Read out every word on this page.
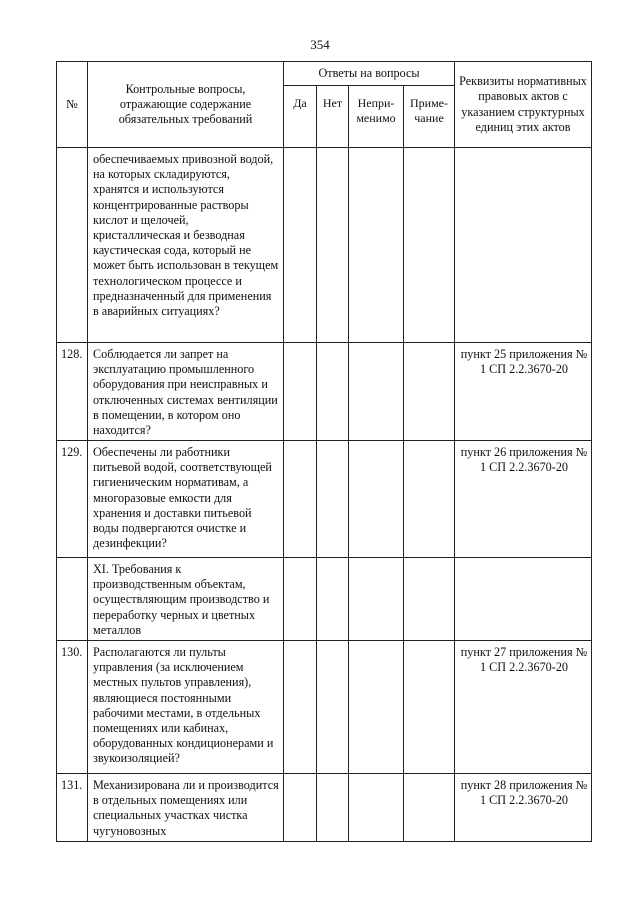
354
№	Контрольные вопросы, отражающие содержание обязательных требований	Ответы на вопросы				Реквизиты нормативных правовых актов с указанием структурных единиц этих актов
		Да	Нет	Непри-менимо	Приме-чание	
	обеспечиваемых привозной водой, на которых складируются, хранятся и используются концентрированные растворы кислот и щелочей, кристаллическая и безводная каустическая сода, который не может быть использован в текущем технологическом процессе и предназначенный для применения в аварийных ситуациях?					
128.	Соблюдается ли запрет на эксплуатацию промышленного оборудования при неисправных и отключенных системах вентиляции в помещении, в котором оно находится?					пункт 25 приложения № 1 СП 2.2.3670-20
129.	Обеспечены ли работники питьевой водой, соответствующей гигиеническим нормативам, а многоразовые емкости для хранения и доставки питьевой воды подвергаются очистке и дезинфекции?					пункт 26 приложения № 1 СП 2.2.3670-20
	XI. Требования к производственным объектам, осуществляющим производство и переработку черных и цветных металлов					
130.	Располагаются ли пульты управления (за исключением местных пультов управления), являющиеся постоянными рабочими местами, в отдельных помещениях или кабинах, оборудованных кондиционерами и звукоизоляцией?					пункт 27 приложения № 1 СП 2.2.3670-20
131.	Механизирована ли и производится в отдельных помещениях или специальных участках чистка чугуновозных					пункт 28 приложения № 1 СП 2.2.3670-20
